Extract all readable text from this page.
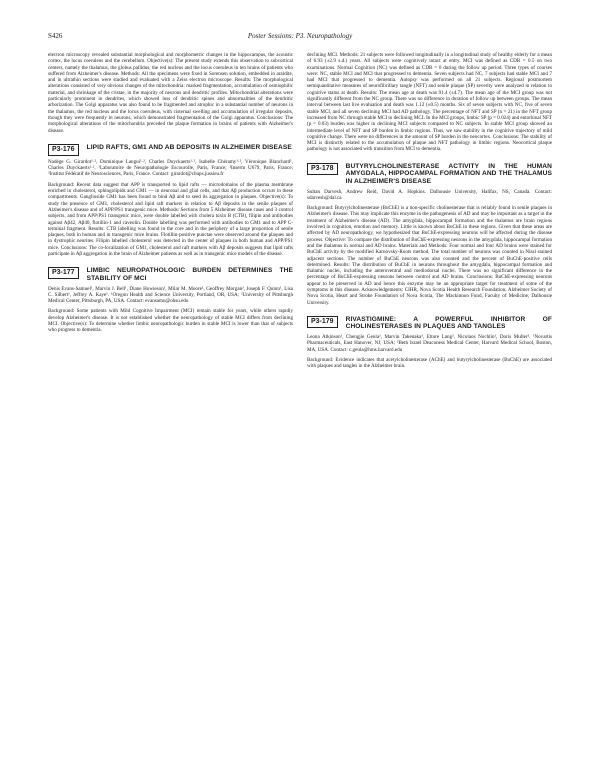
S426	Poster Sessions: P3. Neuropathology

electron microscopy revealed substantial morphological and morphometric changes in the hippocampus, the acoustic cortex, the locus coeruleus and the cerebellum. Objective(s): The present study extends this observation to subcortical centers, namely the thalamus, the globus pallidus, the red nucleus and the locus coeruleus in ten brains of patients who suffered from Alzheimer's disease. Methods: All the specimens were fixed in Sorensen solution, embedded in araldite, and in ultrathin sections were studied and evaluated with a Zeiss electron microscope. Results: The morphological alterations consisted of very obvious changes of the mitochondria: marked fragmentation, accumulation of osmiophilic material, and shrinkage of the cristae, in the majority of neurons and dendritic profiles. Mitochondrial alterations were particularly prominent in dendrites, which showed loss of dendritic spines and abnormalities of the dendritic arborization. The Golgi apparatus was also found to be fragmented and atrophic in a substantial number of neurons in the thalamus, the red nucleus and the locus coeruleus, with cisternal swelling and accumulation of irregular deposits, though they were frequently in neurons, which demonstrated fragmentation of the Golgi apparatus. Conclusions: The morphological alterations of the mitochondria preceded the plaque formation in brains of patients with Alzheimer's disease.

P3-176	LIPID RAFTS, GM1 AND AΒ DEPOSITS IN ALZHEIMER DISEASE

Nadège G. Girardot¹·², Dominique Langui¹·², Charles Duyckaerts¹·², Isabelle Chéramy¹·², Véronique Blanchard¹, Charles Duyckaerts¹·², ¹Laboratoire de Neuropathologie Escourolle, Paris, France; ²Inserm U679, Paris, France; ³Institut Fédératif de Neurosciences, Paris, France. Contact: girardot@chups.jussieu.fr

Background: Recent data suggest that APP is transported to lipid rafts — microdomains of the plasma membrane enriched in cholesterol, sphingolipids and GM1 — in neuronal and glial cells, and that Aβ production occurs in these compartments. Ganglioside GM1 has been found to bind Aβ and to seed its aggregation in plaques. Objective(s): To study the presence of GM1, cholesterol and lipid raft markers in relation to Aβ deposits in the senile plaques of Alzheimer's disease and of APP/PS1 transgenic mice. Methods: Sections from 5 Alzheimer disease cases and 3 control subjects, and from APP/PS1 transgenic mice, were double labelled with cholera toxin B (CTB), filipin and antibodies against Aβ42, Aβ40, flotillin-1 and caveolin. Double labelling was performed with antibodies to GM1 and to APP C-terminal fragment. Results: CTB labelling was found in the core and in the periphery of a large proportion of senile plaques, both in human and in transgenic mice brains. Flotillin-positive punctae were observed around the plaques and in dystrophic neurites. Filipin labelled cholesterol was detected in the center of plaques in both human and APP/PS1 mice. Conclusions: The co-localization of GM1, cholesterol and raft markers with Aβ deposits suggests that lipid rafts participate in Aβ aggregation in the brain of Alzheimer patients as well as in transgenic mice models of the disease.

P3-177	LIMBIC NEUROPATHOLOGIC BURDEN DETERMINES THE STABILITY OF MCI

Denis Evans-Samuel¹, Marvin J. Bell¹, Diane Howieson¹, Milar M. Moore¹, Geoffrey Morgan², Joseph F. Quinn¹, Lisa C. Silbert¹, Jeffrey A. Kaye¹. ¹Oregon Health and Science University, Portland, OR, USA; ²University of Pittsburgh Medical Center, Pittsburgh, PA, USA. Contact: evansamu@ohsu.edu

Background: Some patients with Mild Cognitive Impairment (MCI) remain stable for years, while others rapidly develop Alzheimer's disease. It is not established whether the neuropathology of stable MCI differs from declining MCI. Objective(s): To determine whether limbic neuropathologic burden in stable MCI is lower than that of subjects who progress to dementia.

declining MCI. Methods: 21 subjects were followed longitudinally in a longitudinal study of healthy elderly for a mean of 6.93 (±2.9 s.d.) years. All subjects were cognitively intact at entry. MCI was defined as CDR = 0.5 on two examinations. Normal Cognition (NC) was defined as CDR = 0 during the follow up period. Three types of courses were: NC, stable MCI and MCI that progressed to dementia. Seven subjects had NC, 7 subjects had stable MCI and 7 had MCI that progressed to dementia. Autopsy was performed on all 21 subjects. Regional postmortem semiquantitative measures of neurofibrillary tangle (NFT) and senile plaque (SP) severity were analyzed in relation to cognitive status at death. Results: The mean age at death was 91.4 (±4.7). The mean age of the MCI group was not significantly different from the NC group. There was no difference in duration of follow up between groups. The mean interval between last live evaluation and death was 1.12 (±0.5) months. Six of seven subjects with NC, five of seven stable MCI, and all seven declining MCI had AD pathology. The percentage of NFT and SP (n = 21) in the NFT group increased from NC through stable MCI to declining MCI. In the MCI groups, limbic SP (p = 0.024) and entorhinal NFT (p = 0.03) burden was higher in declining MCI subjects compared to NC subjects. In stable MCI group showed an intermediate level of NFT and SP burden in limbic regions. Thus, we saw stability in the cognitive trajectory of mild cognitive change. There were no differences in the amount of SP burden in the neocortex. Conclusions: The stability of MCI is distinctly related to the accumulation of plaque and NFT pathology in limbic regions. Neocortical plaque pathology is not associated with transition from MCI to dementia.

P3-178	BUTYRYLCHOLINESTERASE ACTIVITY IN THE HUMAN AMYGDALA, HIPPOCAMPAL FORMATION AND THE THALAMUS IN ALZHEIMER'S DISEASE

Sultan Darvesh, Andrew Reid, David A. Hopkins. Dalhousie University, Halifax, NS, Canada. Contact: sdarvesh@dal.ca

Background: Butyrylcholinesterase (BuChE) is a non-specific cholinesterase that is reliably found in senile plaques in Alzheimer's disease. This may implicate this enzyme in the pathogenesis of AD and may be important as a target in the treatment of Alzheimer's disease (AD). The amygdala, hippocampal formation and the thalamus are brain regions involved in cognition, emotion and memory. Little is known about BuChE in these regions. Given that these areas are affected by AD neuropathology, we hypothesized that BuChE-expressing neurons will be affected during the disease process. Objective: To compare the distribution of BuChE-expressing neurons in the amygdala, hippocampal formation and the thalamus in normal and AD brains. Materials and Methods: Four normal and four AD brains were stained for BuChE activity by the modified Karnovsky-Roots method. The total number of neurons was counted in Nissl stained adjacent sections. The number of BuChE neurons was also counted and the percent of BuChE-positive cells determined. Results: The distribution of BuChE in neurons throughout the amygdala, hippocampal formation and thalamic nuclei, including the anteroventral and mediodorsal nuclei. There was no significant difference in the percentage of BuChE-expressing neurons between control and AD brains. Conclusions: BuChE-expressing neurons appear to be preserved in AD and hence this enzyme may be an appropriate target for treatment of some of the symptoms in this disease. Acknowledgements: CIHR, Nova Scotia Health Research Foundation, Alzheimer Society of Nova Scotia, Heart and Stroke Foundation of Nova Scotia, The Mackinnon Fund, Faculty of Medicine, Dalhousie University.

P3-179	RIVASTIGMINE: A POWERFUL INHIBITOR OF CHOLINESTERASES IN PLAQUES AND TANGLES

Leona Atkinson¹, Chengjie Geula², Marvin Takenaka³, Ettore Lang², Nicolaos Nochlin¹, Doris Muller². ¹Novartis Pharmaceuticals, East Hanover, NJ, USA; ²Beth Israel Deaconess Medical Center, Harvard Medical School, Boston, MA, USA. Contact: c.geula@hms.harvard.edu

Background: Evidence indicates that acetylcholinesterase (AChE) and butyrylcholinesterase (BuChE) are associated with plaques and tangles in the Alzheimer brain.
